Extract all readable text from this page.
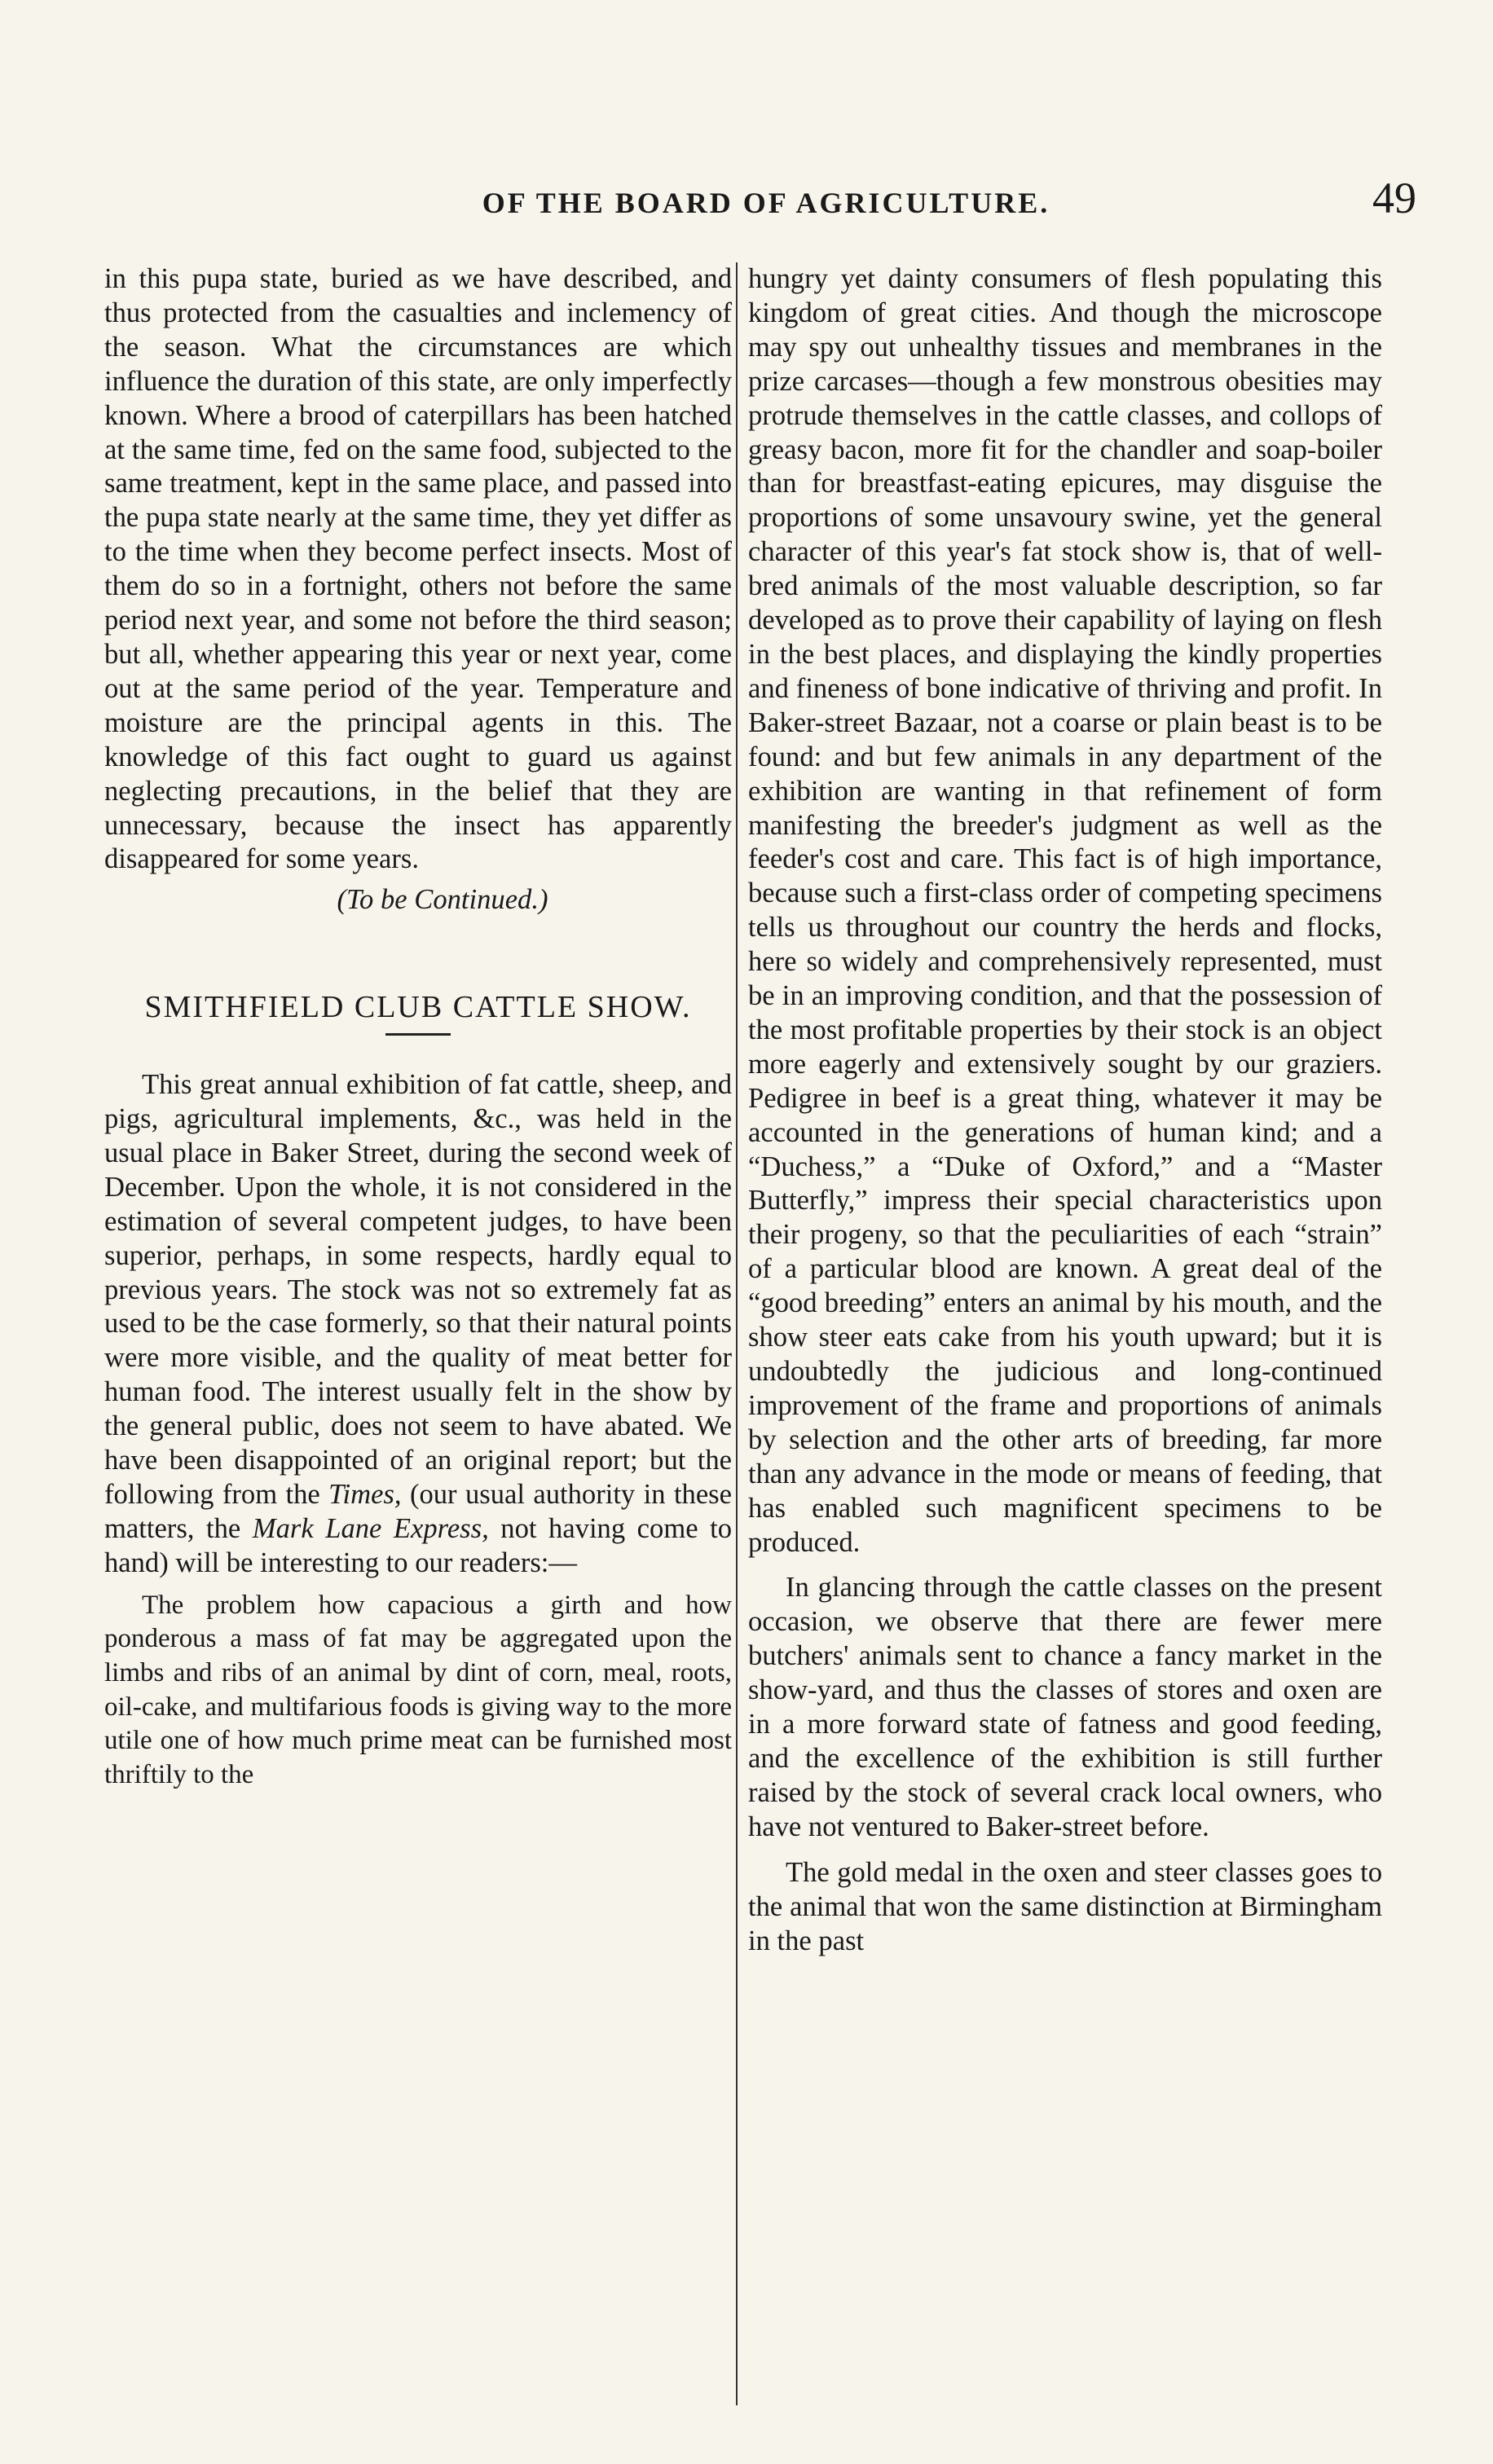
OF THE BOARD OF AGRICULTURE.	49

in this pupa state, buried as we have described, and thus protected from the casualties and inclemency of the season. What the circumstances are which influence the duration of this state, are only imperfectly known. Where a brood of caterpillars has been hatched at the same time, fed on the same food, subjected to the same treatment, kept in the same place, and passed into the pupa state nearly at the same time, they yet differ as to the time when they become perfect insects. Most of them do so in a fortnight, others not before the same period next year, and some not before the third season; but all, whether appearing this year or next year, come out at the same period of the year. Temperature and moisture are the principal agents in this. The knowledge of this fact ought to guard us against neglecting precautions, in the belief that they are unnecessary, because the insect has apparently disappeared for some years.

(To be Continued.)

SMITHFIELD CLUB CATTLE SHOW.

This great annual exhibition of fat cattle, sheep, and pigs, agricultural implements, &c., was held in the usual place in Baker Street, during the second week of December. Upon the whole, it is not considered in the estimation of several competent judges, to have been superior, perhaps, in some respects, hardly equal to previous years. The stock was not so extremely fat as used to be the case formerly, so that their natural points were more visible, and the quality of meat better for human food. The interest usually felt in the show by the general public, does not seem to have abated. We have been disappointed of an original report; but the following from the Times, (our usual authority in these matters, the Mark Lane Express, not having come to hand) will be interesting to our readers:—

The problem how capacious a girth and how ponderous a mass of fat may be aggregated upon the limbs and ribs of an animal by dint of corn, meal, roots, oil-cake, and multifarious foods is giving way to the more utile one of how much prime meat can be furnished most thriftily to the

hungry yet dainty consumers of flesh populating this kingdom of great cities. And though the microscope may spy out unhealthy tissues and membranes in the prize carcases—though a few monstrous obesities may protrude themselves in the cattle classes, and collops of greasy bacon, more fit for the chandler and soap-boiler than for breastfast-eating epicures, may disguise the proportions of some unsavoury swine, yet the general character of this year's fat stock show is, that of well-bred animals of the most valuable description, so far developed as to prove their capability of laying on flesh in the best places, and displaying the kindly properties and fineness of bone indicative of thriving and profit. In Baker-street Bazaar, not a coarse or plain beast is to be found: and but few animals in any department of the exhibition are wanting in that refinement of form manifesting the breeder's judgment as well as the feeder's cost and care. This fact is of high importance, because such a first-class order of competing specimens tells us throughout our country the herds and flocks, here so widely and comprehensively represented, must be in an improving condition, and that the possession of the most profitable properties by their stock is an object more eagerly and extensively sought by our graziers. Pedigree in beef is a great thing, whatever it may be accounted in the generations of human kind; and a “Duchess,” a “Duke of Oxford,” and a “Master Butterfly,” impress their special characteristics upon their progeny, so that the peculiarities of each “strain” of a particular blood are known. A great deal of the “good breeding” enters an animal by his mouth, and the show steer eats cake from his youth upward; but it is undoubtedly the judicious and long-continued improvement of the frame and proportions of animals by selection and the other arts of breeding, far more than any advance in the mode or means of feeding, that has enabled such magnificent specimens to be produced.

In glancing through the cattle classes on the present occasion, we observe that there are fewer mere butchers' animals sent to chance a fancy market in the show-yard, and thus the classes of stores and oxen are in a more forward state of fatness and good feeding, and the excellence of the exhibition is still further raised by the stock of several crack local owners, who have not ventured to Baker-street before.

The gold medal in the oxen and steer classes goes to the animal that won the same distinction at Birmingham in the past
